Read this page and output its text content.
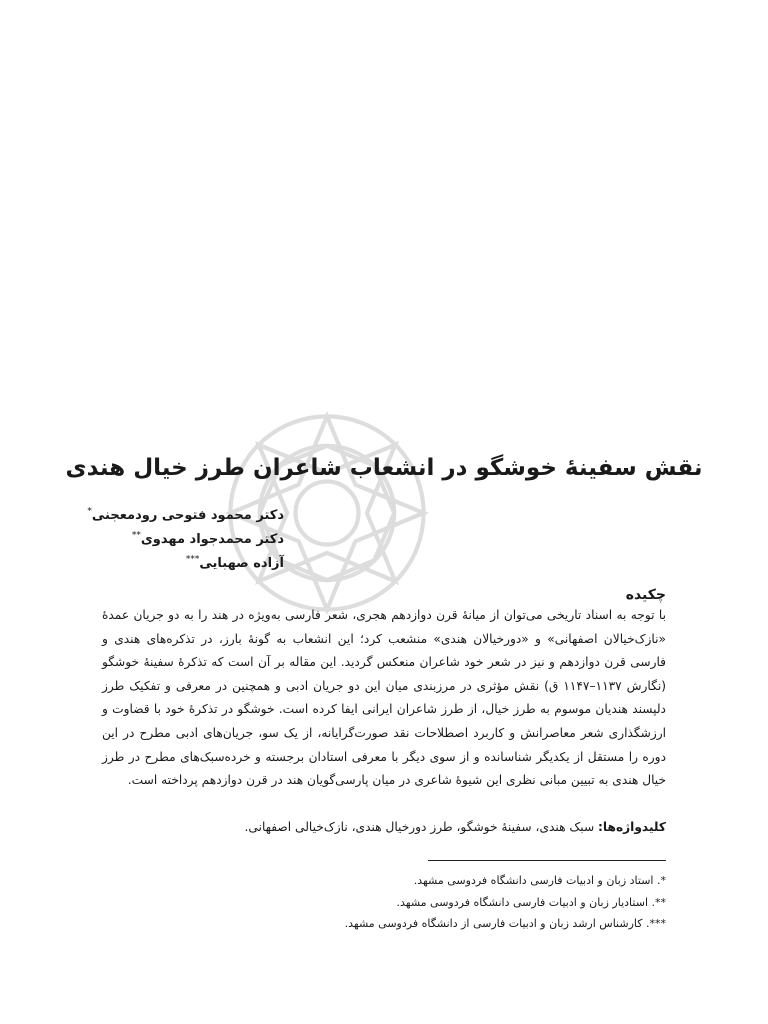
نقش سفینهٔ خوشگو در انشعاب شاعران طرز خیال هندی
دکتر محمود فتوحی رودمعجنی*
دکتر محمدجواد مهدوی**
آزاده صهبایی***
چکیده

با توجه به اسناد تاریخی می‌توان از میانهٔ قرن دوازدهم هجری، شعر فارسی به‌ویژه در هند را به دو جریان عمدهٔ «نازک‌خیالان اصفهانی» و «دورخیالان هندی» منشعب کرد؛ این انشعاب به گونهٔ بارز، در تذکره‌های هندی و فارسی قرن دوازدهم و نیز در شعر خود شاعران منعکس گردید. این مقاله بر آن است که تذکرهٔ سفینهٔ خوشگو (نگارش ۱۱۳۷–۱۱۴۷ ق) نقش مؤثری در مرزبندی میان این دو جریان ادبی و همچنین در معرفی و تفکیک طرز دلپسند هندیان موسوم به طرز خیال، از طرز شاعران ایرانی ایفا کرده است. خوشگو در تذکرهٔ خود با قضاوت و ارزشگذاری شعر معاصرانش و کاربرد اصطلاحات نقد صورت‌گرایانه، از یک سو، جریان‌های ادبی مطرح در این دوره را مستقل از یکدیگر شناسانده و از سوی دیگر با معرفی استادان برجسته و خرده‌سبک‌های مطرح در طرز خیال هندی به تبیین مبانی نظری این شیوهٔ شاعری در میان پارسی‌گویان هند در قرن دوازدهم پرداخته است.

کلیدواژه‌ها: سبک هندی، سفینهٔ خوشگو، طرز دورخیال هندی، نازک‌خیالی اصفهانی.
*. استاد زبان و ادبیات فارسی دانشگاه فردوسی مشهد.
**. استادیار زبان و ادبیات فارسی دانشگاه فردوسی مشهد.
***. کارشناس ارشد زبان و ادبیات فارسی از دانشگاه فردوسی مشهد.
